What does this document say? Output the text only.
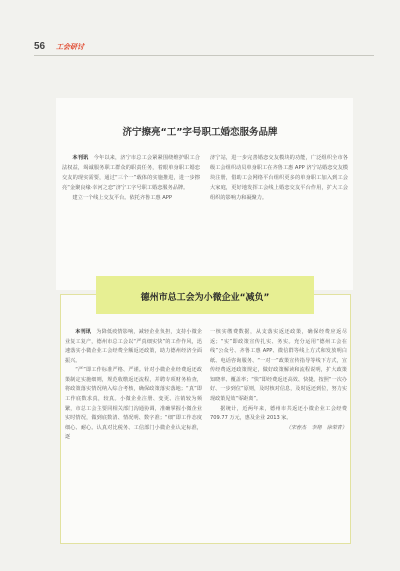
56 工会研讨
济宁擦亮“工”字号职工婚恋服务品牌

本刊讯　 今年以来，济宁市总工会紧紧围绕维护职工合法权益，竭诚服务职工群众的职责任务，着眼单身职工婚恋交友的现实需要，通过“三个一”载体的实施推进，进一步擦亮“金聚良缘·幸河之恋”济宁工字号职工婚恋服务品牌。

建立一个线上交友平台。依托齐鲁工惠 APP

济宁站，进一步完善婚恋交友模块的功能，广泛组织全市各级工会组织动员单身职工在齐鲁工惠 APP 济宁站婚恋交友模块注册，借助工会网络平台组织更多的单身职工加入到工会大家庭，更好地发挥工会线上婚恋交友平台作用，扩大工会组织的影响力和凝聚力。

德州市总工会为小微企业“减负”

本刊讯　 为降低疫情影响，减轻企业负担，支持小微企业复工复产，德州市总工会以“严真细实快”的工作作风，迅速落实小微企业工会经费全额返还政策，助力德州经济全面振兴。

“严”即工作标准严格、严谨。针对小微企业经费返还政策制定实施细则，规范收缴返还流程，并聘专项财务检查，将政策落实情况纳入综合考核，确保政策落实落地；“真”即工作底数求真，较真。小微企业注册、变更、注销较为频繁，市总工会主要同相关部门沟通协调，准确掌握小微企业实时情况，做到底数清、情况明、数字准；“细”即工作态度细心、耐心。认真对比税务、工信部门小微企业认定标准，逐

一核实缴费数据，从支落实返还政策，确保经费应返尽返；“实”即政策宣传扎实、务实。充分运用“德州工会在线”公众号、齐鲁工惠 APP、微信群等线上方式和发放明白纸、电话咨询服务、“一对一”政策宣传指导等线下方式，宣传经费返还政策规定，做好政策解读和流程说明，扩大政策知晓率、覆盖率；“快”即经费返还高效、快捷。按照“一次办好、一步到位”原则，及时核对信息，及时返还到位，努力实现政策见效“零距离”。

据统计，近两年来，德州市共返还小微企业工会经费 709.77 万元，惠及企业 2013 家。

（宋春杰　李翔　徐荣青）
